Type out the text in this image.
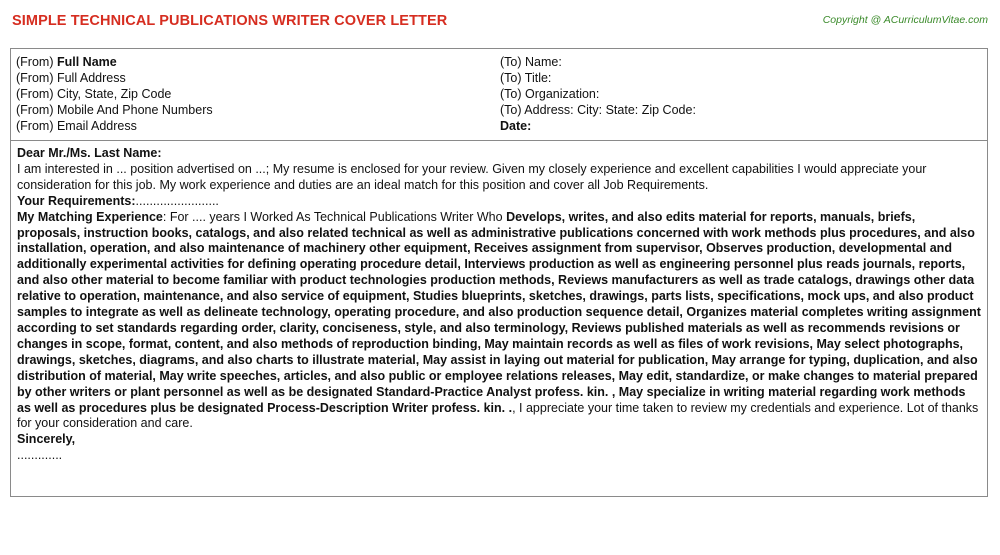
SIMPLE TECHNICAL PUBLICATIONS WRITER COVER LETTER	Copyright @ ACurriculumVitae.com
(From) Full Name
(From) Full Address
(From) City, State, Zip Code
(From) Mobile And Phone Numbers
(From) Email Address
(To) Name:
(To) Title:
(To) Organization:
(To) Address: City: State: Zip Code:
Date:

Dear Mr./Ms. Last Name:

I am interested in ... position advertised on ...; My resume is enclosed for your review. Given my closely experience and excellent capabilities I would appreciate your consideration for this job. My work experience and duties are an ideal match for this position and cover all Job Requirements.

Your Requirements:........................

My Matching Experience: For .... years I Worked As Technical Publications Writer Who Develops, writes, and also edits material for reports, manuals, briefs, proposals, instruction books, catalogs, and also related technical as well as administrative publications concerned with work methods plus procedures, and also installation, operation, and also maintenance of machinery other equipment, Receives assignment from supervisor, Observes production, developmental and additionally experimental activities for defining operating procedure detail, Interviews production as well as engineering personnel plus reads journals, reports, and also other material to become familiar with product technologies production methods, Reviews manufacturers as well as trade catalogs, drawings other data relative to operation, maintenance, and also service of equipment, Studies blueprints, sketches, drawings, parts lists, specifications, mock ups, and also product samples to integrate as well as delineate technology, operating procedure, and also production sequence detail, Organizes material completes writing assignment according to set standards regarding order, clarity, conciseness, style, and also terminology, Reviews published materials as well as recommends revisions or changes in scope, format, content, and also methods of reproduction binding, May maintain records as well as files of work revisions, May select photographs, drawings, sketches, diagrams, and also charts to illustrate material, May assist in laying out material for publication, May arrange for typing, duplication, and also distribution of material, May write speeches, articles, and also public or employee relations releases, May edit, standardize, or make changes to material prepared by other writers or plant personnel as well as be designated Standard-Practice Analyst profess. kin. , May specialize in writing material regarding work methods as well as procedures plus be designated Process-Description Writer profess. kin. ., I appreciate your time taken to review my credentials and experience. Lot of thanks for your consideration and care.

Sincerely,

.............
